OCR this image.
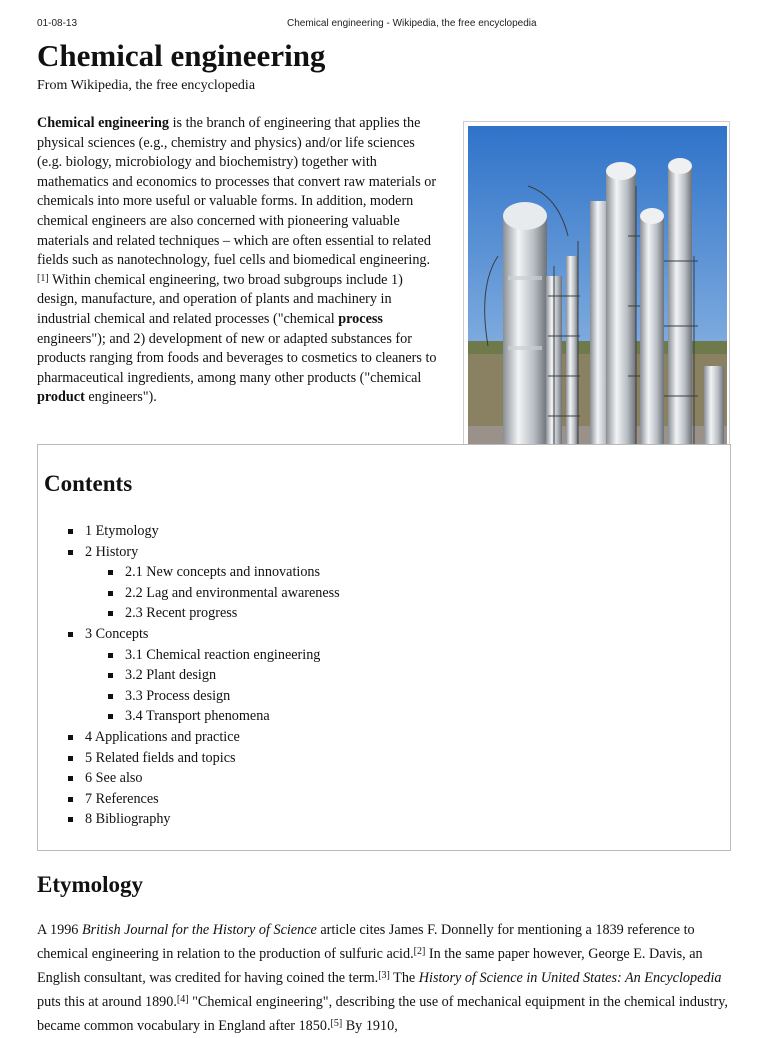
01-08-13	Chemical engineering - Wikipedia, the free encyclopedia
Chemical engineering
From Wikipedia, the free encyclopedia

Chemical engineering is the branch of engineering that applies the physical sciences (e.g., chemistry and physics) and/or life sciences (e.g. biology, microbiology and biochemistry) together with mathematics and economics to processes that convert raw materials or chemicals into more useful or valuable forms. In addition, modern chemical engineers are also concerned with pioneering valuable materials and related techniques – which are often essential to related fields such as nanotechnology, fuel cells and biomedical engineering.[1] Within chemical engineering, two broad subgroups include 1) design, manufacture, and operation of plants and machinery in industrial chemical and related processes ("chemical process engineers"); and 2) development of new or adapted substances for products ranging from foods and beverages to cosmetics to cleaners to pharmaceutical ingredients, among many other products ("chemical product engineers").

Contents
1 Etymology
2 History
2.1 New concepts and innovations
2.2 Lag and environmental awareness
2.3 Recent progress
3 Concepts
3.1 Chemical reaction engineering
3.2 Plant design
3.3 Process design
3.4 Transport phenomena
4 Applications and practice
5 Related fields and topics
6 See also
7 References
8 Bibliography
Etymology

A 1996 British Journal for the History of Science article cites James F. Donnelly for mentioning a 1839 reference to chemical engineering in relation to the production of sulfuric acid.[2] In the same paper however, George E. Davis, an English consultant, was credited for having coined the term.[3] The History of Science in United States: An Encyclopedia puts this at around 1890.[4] "Chemical engineering", describing the use of mechanical equipment in the chemical industry, became common vocabulary in England after 1850.[5] By 1910,
